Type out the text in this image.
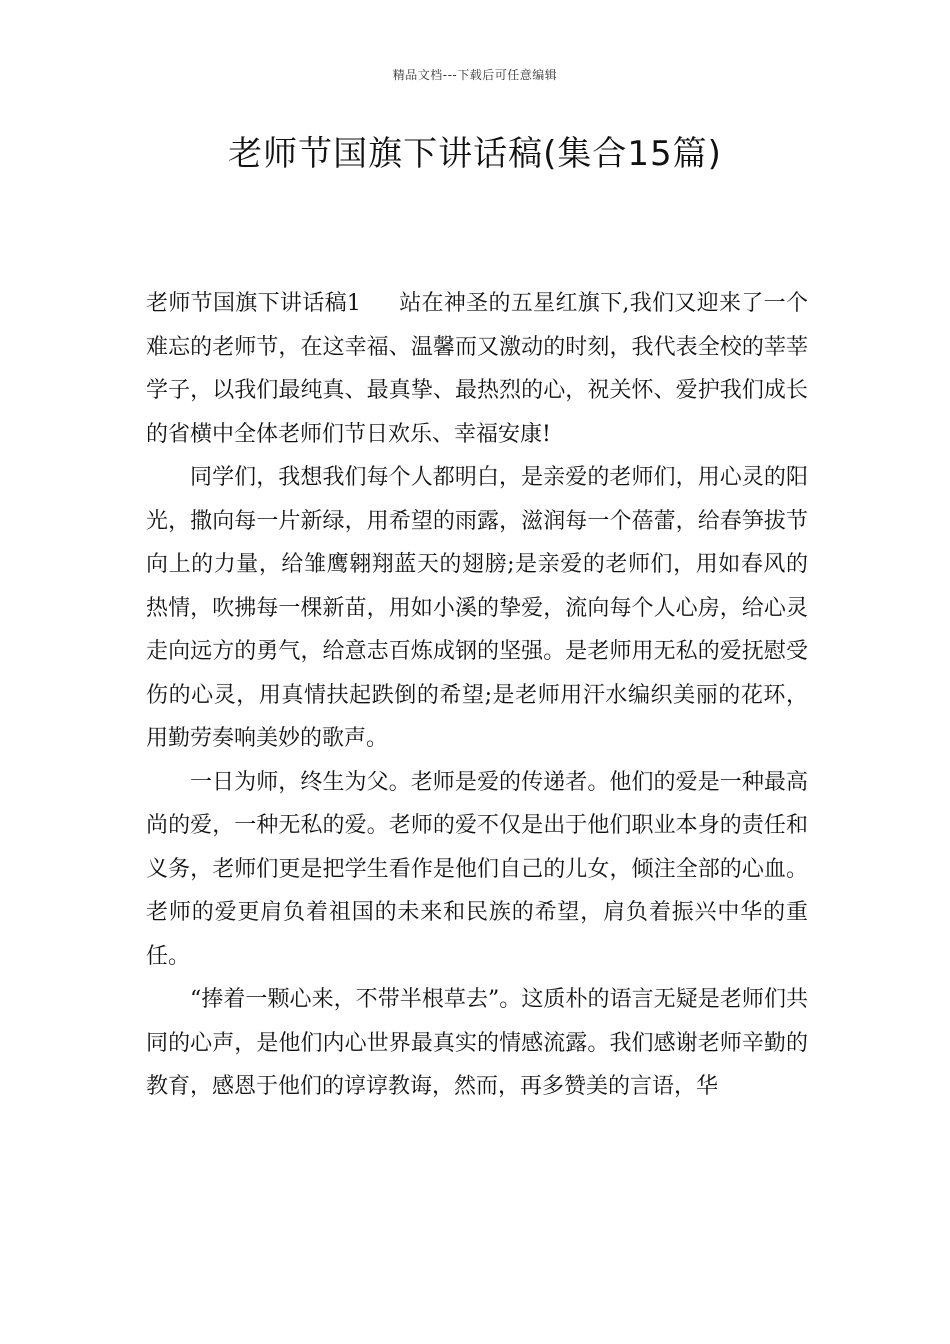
精品文档---下载后可任意编辑
老师节国旗下讲话稿(集合15篇)

老师节国旗下讲话稿1 站在神圣的五星红旗下,我们又迎来了一个难忘的老师节，在这幸福、温馨而又激动的时刻，我代表全校的莘莘学子，以我们最纯真、最真挚、最热烈的心，祝关怀、爱护我们成长的省横中全体老师们节日欢乐、幸福安康!

同学们，我想我们每个人都明白，是亲爱的老师们，用心灵的阳光，撒向每一片新绿，用希望的雨露，滋润每一个蓓蕾，给春笋拔节向上的力量，给雏鹰翱翔蓝天的翅膀;是亲爱的老师们，用如春风的热情，吹拂每一棵新苗，用如小溪的挚爱，流向每个人心房，给心灵走向远方的勇气，给意志百炼成钢的坚强。是老师用无私的爱抚慰受伤的心灵，用真情扶起跌倒的希望;是老师用汗水编织美丽的花环，用勤劳奏响美妙的歌声。

一日为师，终生为父。老师是爱的传递者。他们的爱是一种最高尚的爱，一种无私的爱。老师的爱不仅是出于他们职业本身的责任和义务，老师们更是把学生看作是他们自己的儿女，倾注全部的心血。老师的爱更肩负着祖国的未来和民族的希望，肩负着振兴中华的重任。

“捧着一颗心来，不带半根草去”。这质朴的语言无疑是老师们共同的心声，是他们内心世界最真实的情感流露。我们感谢老师辛勤的教育，感恩于他们的谆谆教诲，然而，再多赞美的言语，华
